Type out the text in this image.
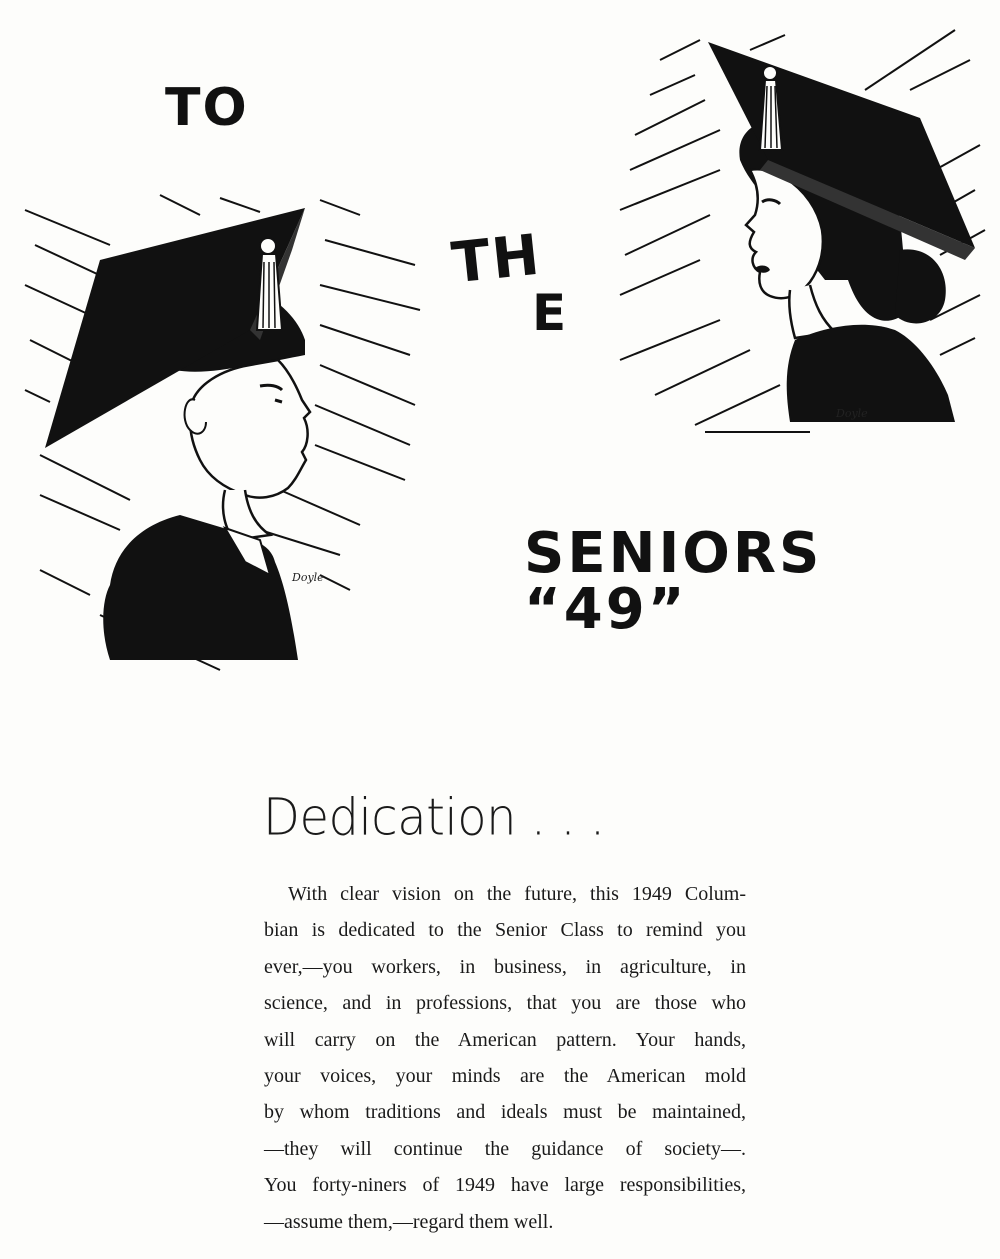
TO
TH
E
SENIORS “49”
Doyle
Doyle
Dedication . . .
With clear vision on the future, this 1949 Colum-
bian is dedicated to the Senior Class to remind you
ever,—you workers, in business, in agriculture, in
science, and in professions, that you are those who
will carry on the American pattern. Your hands,
your voices, your minds are the American mold
by whom traditions and ideals must be maintained,
—they will continue the guidance of society—.
You forty-niners of 1949 have large responsibilities,
—assume them,—regard them well.
